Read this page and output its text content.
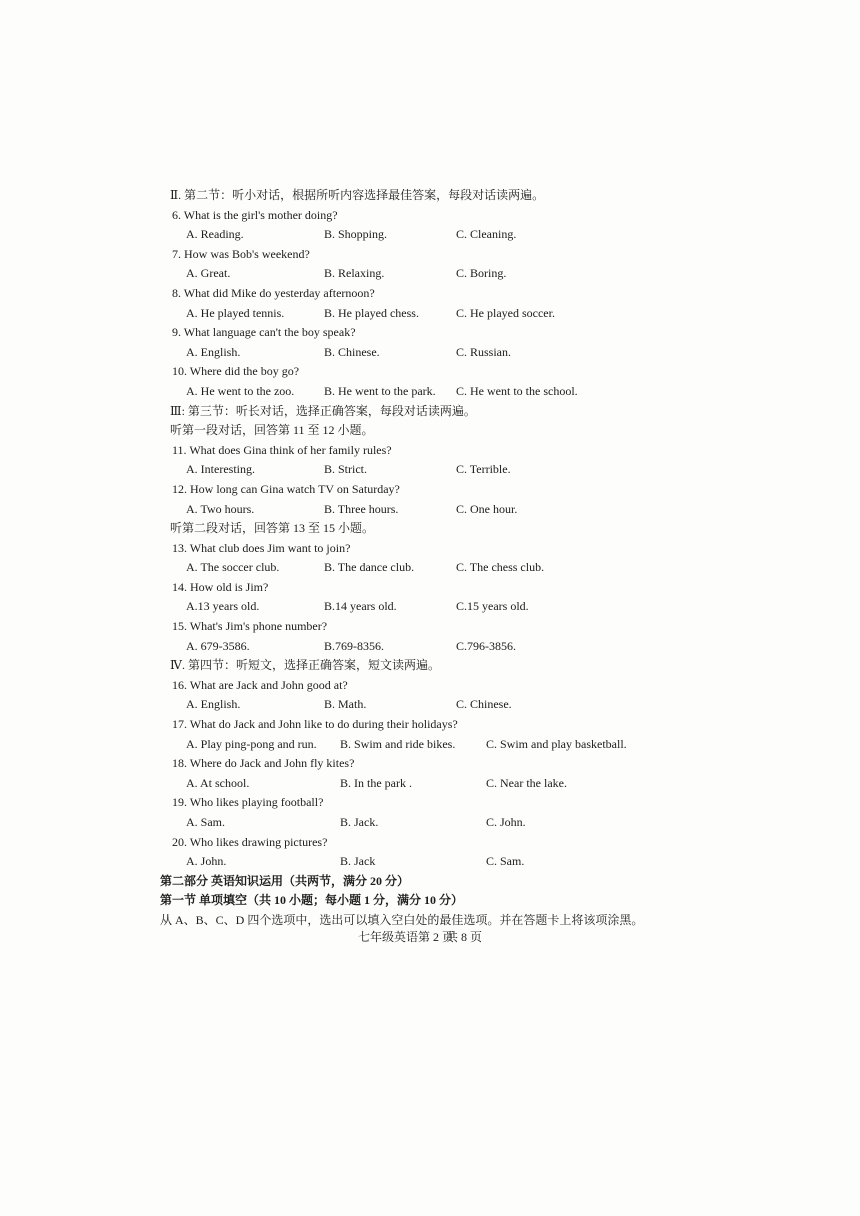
Ⅱ. 第二节：听小对话，根据所听内容选择最佳答案，每段对话读两遍。
6. What is the girl's mother doing?
A. Reading.	B. Shopping.	C. Cleaning.
7. How was Bob's weekend?
A. Great.	B. Relaxing.	C. Boring.
8. What did Mike do yesterday afternoon?
A. He played tennis.	B. He played chess.	C. He played soccer.
9. What language can't the boy speak?
A. English.	B. Chinese.	C. Russian.
10. Where did the boy go?
A. He went to the zoo. B. He went to the park. C. He went to the school.
Ⅲ: 第三节：听长对话，选择正确答案，每段对话读两遍。
听第一段对话，回答第 11 至 12 小题。
11. What does Gina think of her family rules?
A. Interesting.	B. Strict.	C. Terrible.
12. How long can Gina watch TV on Saturday?
A. Two hours.	B. Three hours.	C. One hour.
听第二段对话，回答第 13 至 15 小题。
13. What club does Jim want to join?
A. The soccer club.	B. The dance club.	C. The chess club.
14. How old is Jim?
A.13 years old.	B.14 years old.	C.15 years old.
15. What's Jim's phone number?
A. 679-3586.	B.769-8356.	C.796-3856.
Ⅳ. 第四节：听短文，选择正确答案，短文读两遍。
16. What are Jack and John good at?
A. English.	B. Math.	C. Chinese.
17. What do Jack and John like to do during their holidays?
A. Play ping-pong and run. B. Swim and ride bikes.	C. Swim and play basketball.
18. Where do Jack and John fly kites?
A. At school.	B. In the park .	C. Near the lake.
19. Who likes playing football?
A. Sam.	B. Jack.	C. John.
20. Who likes drawing pictures?
A. John.	B. Jack	C. Sam.
第二部分 英语知识运用（共两节，满分 20 分）
第一节 单项填空（共 10 小题；每小题 1 分，满分 10 分）
从 A、B、C、D 四个选项中，选出可以填入空白处的最佳选项。并在答题卡上将该项涂黑。
七年级英语第 2 页共 8 页
